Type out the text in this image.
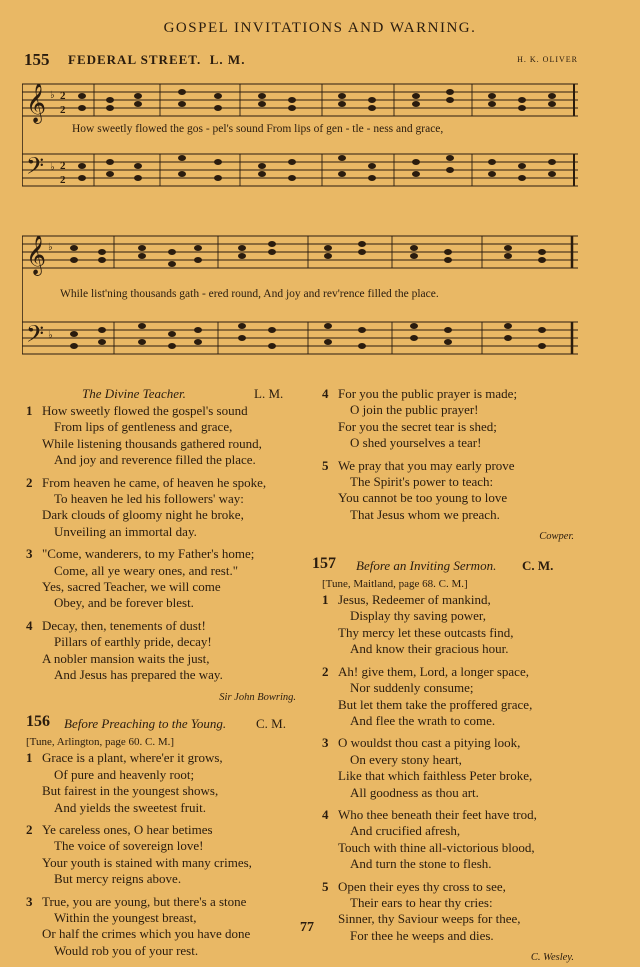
GOSPEL INVITATIONS AND WARNING.
155 FEDERAL STREET. L. M.	H. K. OLIVER
𝄞
𝄢
♭
♭
2
2
2
2
How sweetly flowed the gos - pel's sound From lips of gen - tle - ness and grace,
𝄞
𝄢
♭
♭
While list'ning thousands gath - ered round, And joy and rev'rence filled the place.
The Divine Teacher.	L. M.

1 How sweetly flowed the gospel's sound

From lips of gentleness and grace,

While listening thousands gathered round,

And joy and reverence filled the place.

2 From heaven he came, of heaven he spoke,

To heaven he led his followers' way:

Dark clouds of gloomy night he broke,

Unveiling an immortal day.

3 "Come, wanderers, to my Father's home;

Come, all ye weary ones, and rest."

Yes, sacred Teacher, we will come

Obey, and be forever blest.

4 Decay, then, tenements of dust!

Pillars of earthly pride, decay!

A nobler mansion waits the just,

And Jesus has prepared the way.

Sir John Bowring.

156 Before Preaching to the Young. C. M.

[Tune, Arlington, page 60. C. M.]

1 Grace is a plant, where'er it grows,

Of pure and heavenly root;

But fairest in the youngest shows,

And yields the sweetest fruit.

2 Ye careless ones, O hear betimes

The voice of sovereign love!

Your youth is stained with many crimes,

But mercy reigns above.

3 True, you are young, but there's a stone

Within the youngest breast,

Or half the crimes which you have done

Would rob you of your rest.

4 For you the public prayer is made;

O join the public prayer!

For you the secret tear is shed;

O shed yourselves a tear!

5 We pray that you may early prove

The Spirit's power to teach:

You cannot be too young to love

That Jesus whom we preach.

Cowper.

157 Before an Inviting Sermon. C. M.

[Tune, Maitland, page 68. C. M.]

1 Jesus, Redeemer of mankind,

Display thy saving power,

Thy mercy let these outcasts find,

And know their gracious hour.

2 Ah! give them, Lord, a longer space,

Nor suddenly consume;

But let them take the proffered grace,

And flee the wrath to come.

3 O wouldst thou cast a pitying look,

On every stony heart,

Like that which faithless Peter broke,

All goodness as thou art.

4 Who thee beneath their feet have trod,

And crucified afresh,

Touch with thine all-victorious blood,

And turn the stone to flesh.

5 Open their eyes thy cross to see,

Their ears to hear thy cries:

Sinner, thy Saviour weeps for thee,

For thee he weeps and dies.

C. Wesley.

77
